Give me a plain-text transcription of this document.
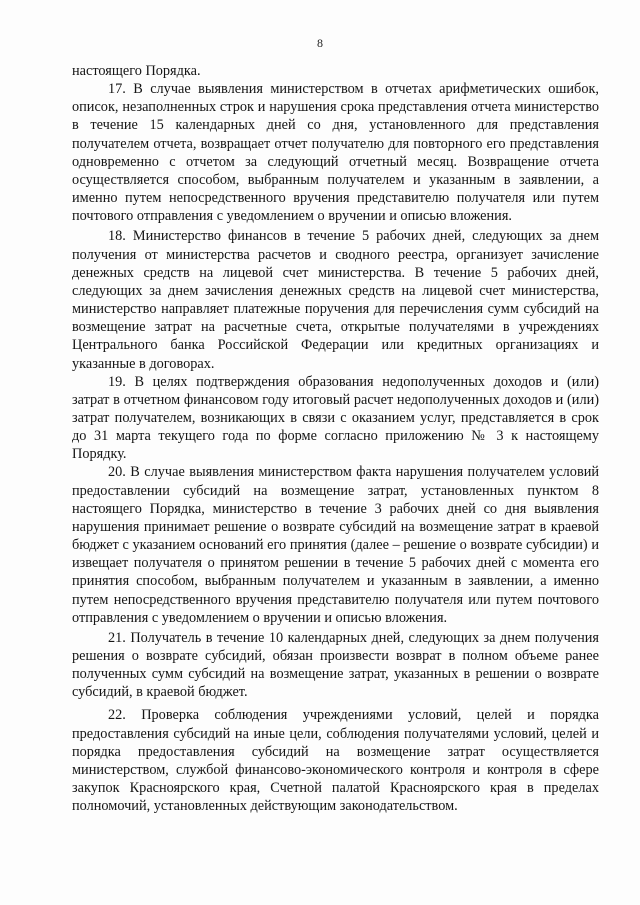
8

настоящего Порядка.

17. В случае выявления министерством в отчетах арифметических ошибок, описок, незаполненных строк и нарушения срока представления отчета министерство в течение 15 календарных дней со дня, установленного для представления получателем отчета, возвращает отчет получателю для повторного его представления одновременно с отчетом за следующий отчетный месяц. Возвращение отчета осуществляется способом, выбранным получателем и указанным в заявлении, а именно путем непосредственного вручения представителю получателя или путем почтового отправления с уведомлением о вручении и описью вложения.

18. Министерство финансов в течение 5 рабочих дней, следующих за днем получения от министерства расчетов и сводного реестра, организует зачисление денежных средств на лицевой счет министерства. В течение 5 рабочих дней, следующих за днем зачисления денежных средств на лицевой счет министерства, министерство направляет платежные поручения для перечисления сумм субсидий на возмещение затрат на расчетные счета, открытые получателями в учреждениях Центрального банка Российской Федерации или кредитных организациях и указанные в договорах.

19. В целях подтверждения образования недополученных доходов и (или) затрат в отчетном финансовом году итоговый расчет недополученных доходов и (или) затрат получателем, возникающих в связи с оказанием услуг, представляется в срок до 31 марта текущего года по форме согласно приложению № 3 к настоящему Порядку.

20. В случае выявления министерством факта нарушения получателем условий предоставлении субсидий на возмещение затрат, установленных пунктом 8 настоящего Порядка, министерство в течение 3 рабочих дней со дня выявления нарушения принимает решение о возврате субсидий на возмещение затрат в краевой бюджет с указанием оснований его принятия (далее – решение о возврате субсидии) и извещает получателя о принятом решении в течение 5 рабочих дней с момента его принятия способом, выбранным получателем и указанным в заявлении, а именно путем непосредственного вручения представителю получателя или путем почтового отправления с уведомлением о вручении и описью вложения.

21. Получатель в течение 10 календарных дней, следующих за днем получения решения о возврате субсидий, обязан произвести возврат в полном объеме ранее полученных сумм субсидий на возмещение затрат, указанных в решении о возврате субсидий, в краевой бюджет.

22. Проверка соблюдения учреждениями условий, целей и порядка предоставления субсидий на иные цели, соблюдения получателями условий, целей и порядка предоставления субсидий на возмещение затрат осуществляется министерством, службой финансово-экономического контроля и контроля в сфере закупок Красноярского края, Счетной палатой Красноярского края в пределах полномочий, установленных действующим законодательством.
